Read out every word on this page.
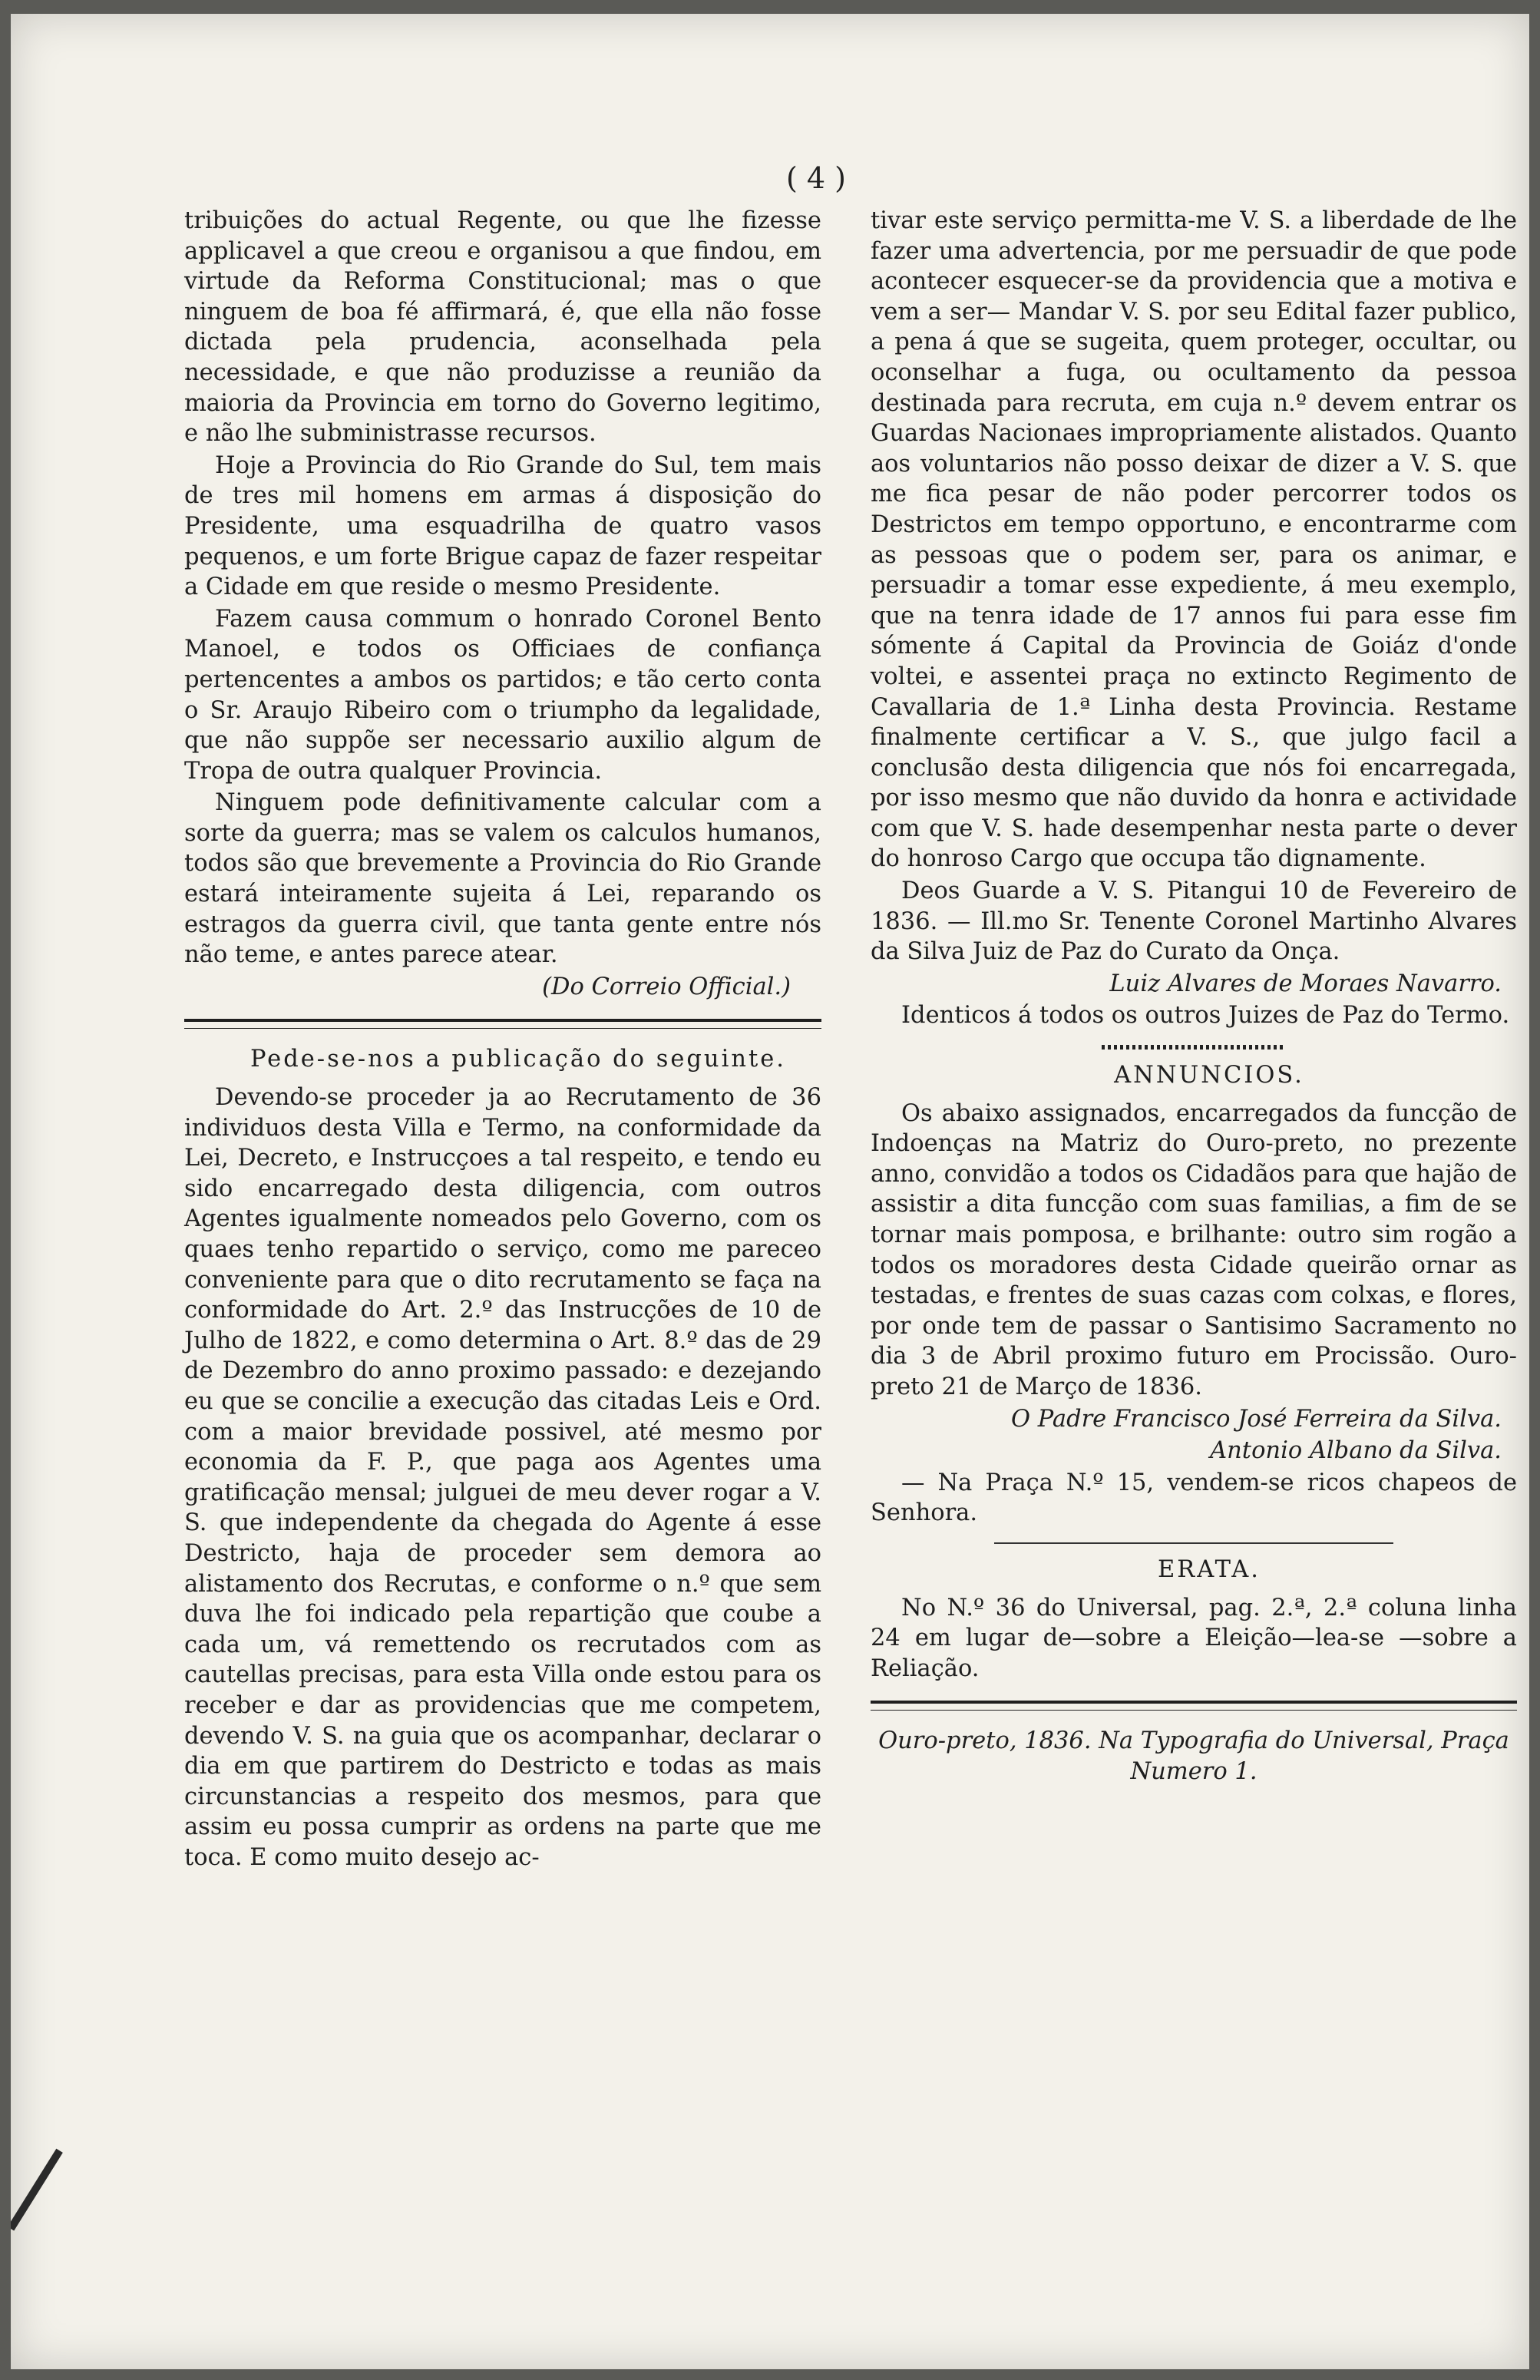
( 4 )

tribuições do actual Regente, ou que lhe fizesse applicavel a que creou e organisou a que findou, em virtude da Reforma Constitucional; mas o que ninguem de boa fé affirmará, é, que ella não fosse dictada pela prudencia, aconselhada pela necessidade, e que não produzisse a reunião da maioria da Provincia em torno do Governo legitimo, e não lhe subministrasse recursos.

Hoje a Provincia do Rio Grande do Sul, tem mais de tres mil homens em armas á disposição do Presidente, uma esquadrilha de quatro vasos pequenos, e um forte Brigue capaz de fazer respeitar a Cidade em que reside o mesmo Presidente.

Fazem causa commum o honrado Coronel Bento Manoel, e todos os Officiaes de confiança pertencentes a ambos os partidos; e tão certo conta o Sr. Araujo Ribeiro com o triumpho da legalidade, que não suppõe ser necessario auxilio algum de Tropa de outra qualquer Provincia.

Ninguem pode definitivamente calcular com a sorte da guerra; mas se valem os calculos humanos, todos são que brevemente a Provincia do Rio Grande estará inteiramente sujeita á Lei, reparando os estragos da guerra civil, que tanta gente entre nós não teme, e antes parece atear.

(Do Correio Official.)

Pede-se-nos a publicação do seguinte.

Devendo-se proceder ja ao Recrutamento de 36 individuos desta Villa e Termo, na conformidade da Lei, Decreto, e Instrucçoes a tal respeito, e tendo eu sido encarregado desta diligencia, com outros Agentes igualmente nomeados pelo Governo, com os quaes tenho repartido o serviço, como me pareceo conveniente para que o dito recrutamento se faça na conformidade do Art. 2.º das Instrucções de 10 de Julho de 1822, e como determina o Art. 8.º das de 29 de Dezembro do anno proximo passado: e dezejando eu que se concilie a execução das citadas Leis e Ord. com a maior brevidade possivel, até mesmo por economia da F. P., que paga aos Agentes uma gratificação mensal; julguei de meu dever rogar a V. S. que independente da chegada do Agente á esse Destricto, haja de proceder sem demora ao alistamento dos Recrutas, e conforme o n.º que sem duva lhe foi indicado pela repartição que coube a cada um, vá remettendo os recrutados com as cautellas precisas, para esta Villa onde estou para os receber e dar as providencias que me competem, devendo V. S. na guia que os acompanhar, declarar o dia em que partirem do Destricto e todas as mais circunstancias a respeito dos mesmos, para que assim eu possa cumprir as ordens na parte que me toca. E como muito desejo ac-

tivar este serviço permitta-me V. S. a liberdade de lhe fazer uma advertencia, por me persuadir de que pode acontecer esquecer-se da providencia que a motiva e vem a ser— Mandar V. S. por seu Edital fazer publico, a pena á que se sugeita, quem proteger, occultar, ou oconselhar a fuga, ou ocultamento da pessoa destinada para recruta, em cuja n.º devem entrar os Guardas Nacionaes impropriamente alistados. Quanto aos voluntarios não posso deixar de dizer a V. S. que me fica pesar de não poder percorrer todos os Destrictos em tempo opportuno, e encontrarme com as pessoas que o podem ser, para os animar, e persuadir a tomar esse expediente, á meu exemplo, que na tenra idade de 17 annos fui para esse fim sómente á Capital da Provincia de Goiáz d'onde voltei, e assentei praça no extincto Regimento de Cavallaria de 1.ª Linha desta Provincia. Restame finalmente certificar a V. S., que julgo facil a conclusão desta diligencia que nós foi encarregada, por isso mesmo que não duvido da honra e actividade com que V. S. hade desempenhar nesta parte o dever do honroso Cargo que occupa tão dignamente.

Deos Guarde a V. S. Pitangui 10 de Fevereiro de 1836. — Ill.mo Sr. Tenente Coronel Martinho Alvares da Silva Juiz de Paz do Curato da Onça.

Luiz Alvares de Moraes Navarro.

Identicos á todos os outros Juizes de Paz do Termo.

ANNUNCIOS.

Os abaixo assignados, encarregados da funcção de Indoenças na Matriz do Ouro-preto, no prezente anno, convidão a todos os Cidadãos para que hajão de assistir a dita funcção com suas familias, a fim de se tornar mais pomposa, e brilhante: outro sim rogão a todos os moradores desta Cidade queirão ornar as testadas, e frentes de suas cazas com colxas, e flores, por onde tem de passar o Santisimo Sacramento no dia 3 de Abril proximo futuro em Procissão. Ouro-preto 21 de Março de 1836.

O Padre Francisco José Ferreira da Silva.

Antonio Albano da Silva.

— Na Praça N.º 15, vendem-se ricos chapeos de Senhora.

ERATA.

No N.º 36 do Universal, pag. 2.ª, 2.ª coluna linha 24 em lugar de—sobre a Eleição—lea-se —sobre a Reliação.

Ouro-preto, 1836. Na Typografia do Universal, Praça Numero 1.
